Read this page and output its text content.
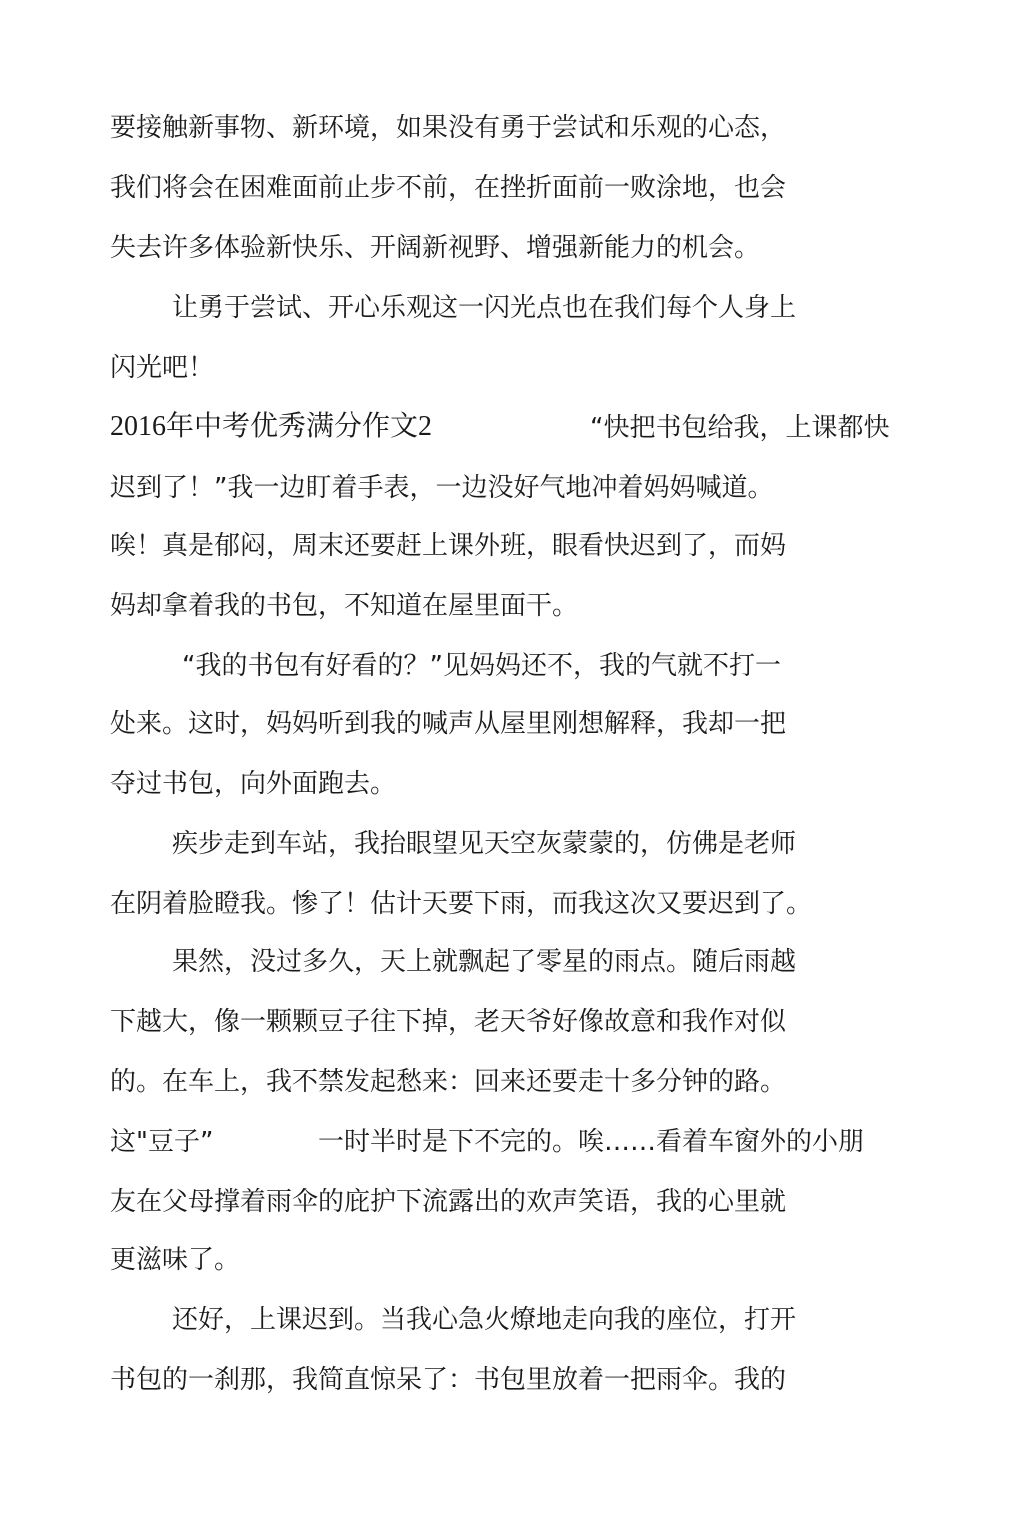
要接触新事物、新环境，如果没有勇于尝试和乐观的心态，
我们将会在困难面前止步不前，在挫折面前一败涂地，也会
失去许多体验新快乐、开阔新视野、增强新能力的机会。
让勇于尝试、开心乐观这一闪光点也在我们每个人身上
闪光吧！
2016年中考优秀满分作文2	“快把书包给我，上课都快
迟到了！”我一边盯着手表，一边没好气地冲着妈妈喊道。
唉！真是郁闷，周末还要赶上课外班，眼看快迟到了，而妈
妈却拿着我的书包，不知道在屋里面干。
“我的书包有好看的？”见妈妈还不，我的气就不打一
处来。这时，妈妈听到我的喊声从屋里刚想解释，我却一把
夺过书包，向外面跑去。
疾步走到车站，我抬眼望见天空灰蒙蒙的，仿佛是老师
在阴着脸瞪我。惨了！估计天要下雨，而我这次又要迟到了。
果然，没过多久，天上就飘起了零星的雨点。随后雨越
下越大，像一颗颗豆子往下掉，老天爷好像故意和我作对似
的。在车上，我不禁发起愁来：回来还要走十多分钟的路。
这"豆子”	一时半时是下不完的。唉……看着车窗外的小朋
友在父母撑着雨伞的庇护下流露出的欢声笑语，我的心里就
更滋味了。
还好，上课迟到。当我心急火燎地走向我的座位，打开
书包的一刹那，我简直惊呆了：书包里放着一把雨伞。我的
